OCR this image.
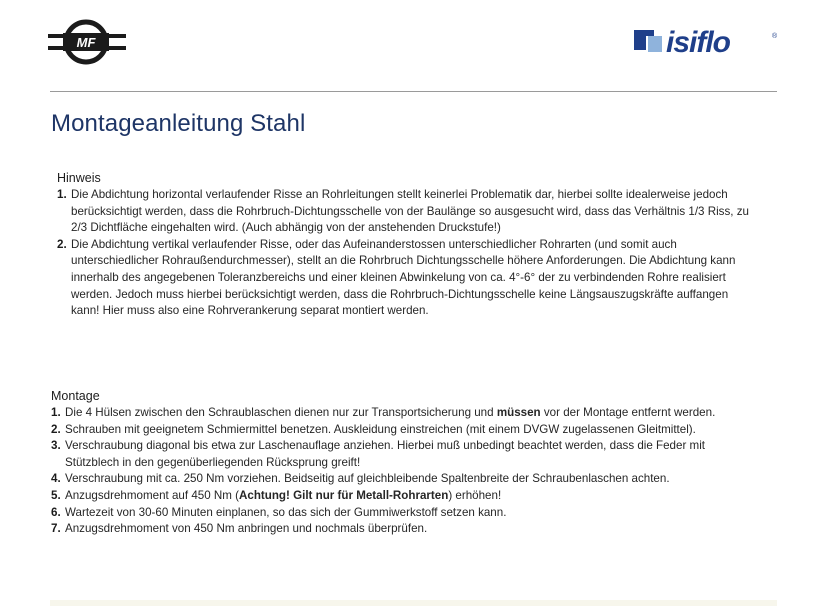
MF	isiflo	®
Montageanleitung Stahl
Hinweis
1. Die Abdichtung horizontal verlaufender Risse an Rohrleitungen stellt keinerlei Problematik dar, hierbei sollte idealerweise jedoch berücksichtigt werden, dass die Rohrbruch-Dichtungsschelle von der Baulänge so ausgesucht wird, dass das Verhältnis 1/3 Riss, zu 2/3 Dichtfläche eingehalten wird. (Auch abhängig von der anstehenden Druckstufe!)
2. Die Abdichtung vertikal verlaufender Risse, oder das Aufeinanderstossen unterschiedlicher Rohrarten (und somit auch unterschiedlicher Rohraußendurchmesser), stellt an die Rohrbruch Dichtungsschelle höhere Anforderungen. Die Abdichtung kann innerhalb des angegebenen Toleranzbereichs und einer kleinen Abwinkelung von ca. 4°-6° der zu verbindenden Rohre realisiert werden. Jedoch muss hierbei berücksichtigt werden, dass die Rohrbruch-Dichtungsschelle keine Längsauszugskräfte auffangen kann! Hier muss also eine Rohrverankerung separat montiert werden.
Montage
1. Die 4 Hülsen zwischen den Schraublaschen dienen nur zur Transportsicherung und müssen vor der Montage entfernt werden.
2. Schrauben mit geeignetem Schmiermittel benetzen. Auskleidung einstreichen (mit einem DVGW zugelassenen Gleitmittel).
3. Verschraubung diagonal bis etwa zur Laschenauflage anziehen. Hierbei muß unbedingt beachtet werden, dass die Feder mit Stützblech in den gegenüberliegenden Rücksprung greift!
4. Verschraubung mit ca. 250 Nm vorziehen. Beidseitig auf gleichbleibende Spaltenbreite der Schraubenlaschen achten.
5. Anzugsdrehmoment auf 450 Nm (Achtung! Gilt nur für Metall-Rohrarten) erhöhen!
6. Wartezeit von 30-60 Minuten einplanen, so das sich der Gummiwerkstoff setzen kann.
7. Anzugsdrehmoment von 450 Nm anbringen und nochmals überprüfen.
